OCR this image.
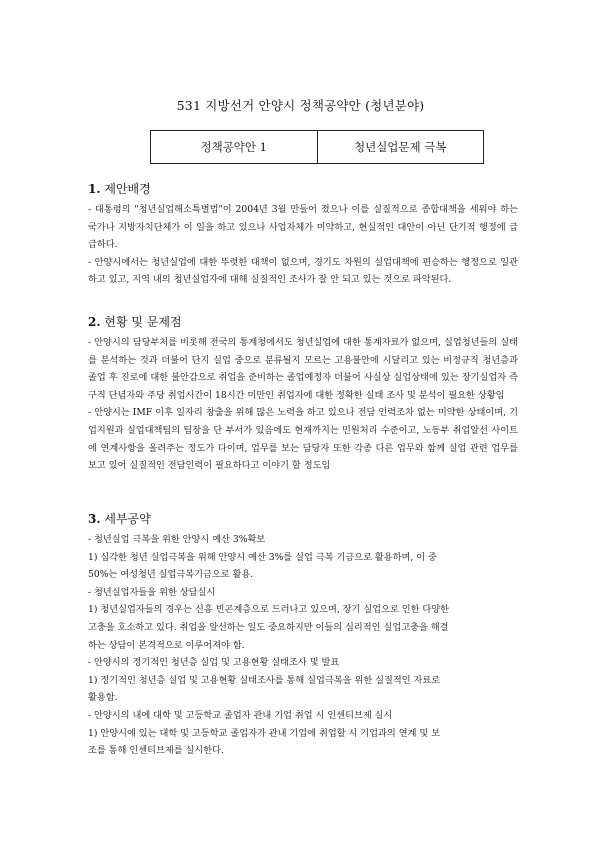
531 지방선거 안양시 정책공약안 (청년분야)
정책공약안 1	청년실업문제 극복
1. 제안배경

- 대통령의 "청년실업해소특별법"이 2004년 3월 만들어 졌으나 이를 실질적으로 종합대책을 세워야 하는 국가나 지방자치단체가 이 일을 하고 있으나 사업자체가 미약하고, 현실적인 대안이 아닌 단기적 행정에 급급하다.

- 안양시에서는 청년실업에 대한 뚜렷한 대책이 없으며, 경기도 차원의 실업대책에 편승하는 행정으로 일관하고 있고, 지역 내의 청년실업자에 대해 실질적인 조사가 잘 안 되고 있는 것으로 파악된다.

2. 현황 및 문제점

- 안양시의 담당부처를 비롯해 전국의 통계청에서도 청년실업에 대한 통계자료가 없으며, 실업청년들의 실태를 분석하는 것과 더불어 단지 실업 중으로 분류될지 모르는 고용불안에 시달리고 있는 비정규직 청년층과 졸업 후 진로에 대한 불안감으로 취업을 준비하는 졸업예정자 더불어 사실상 실업상태에 있는 장기실업자 즉 구직 단념자와 주당 취업시간이 18시간 미만인 취업자에 대한 정확한 실태 조사 및 분석이 필요한 상황임

- 안양시는 IMF 이후 일자리 창출을 위해 많은 노력을 하고 있으나 전담 인력조차 없는 미약한 상태이며, 기업지원과 실업대책팀의 팀장을 단 부서가 있음에도 현재까지는 민원처리 수준이고, 노동부 취업알선 사이트에 연계사항을 올려주는 정도가 다이며, 업무를 보는 담당자 또한 각종 다른 업무와 함께 실업 관련 업무를 보고 있어 실질적인 전담인력이 필요하다고 이야기 할 정도임

3. 세부공약

- 청년실업 극복을 위한 안양시 예산 3%확보

1) 심각한 청년 실업극복을 위해 안양시 예산 3%를 실업 극복 기금으로 활용하며, 이 중

50%는 여성청년 실업극복기금으로 활용.

- 청년실업자들을 위한 상담실시

1) 청년실업자들의 경우는 신흥 빈곤계층으로 드러나고 있으며, 장기 실업으로 인한 다양한

고충을 호소하고 있다. 취업을 알선하는 일도 중요하지만 이들의 심리적인 실업고충을 해결

하는 상담이 본격적으로 이루어져야 함.

- 안양시의 정기적인 청년층 실업 및 고용현황 실태조사 및 발표

1) 정기적인 청년층 실업 및 고용현황 실태조사를 통해 실업극복을 위한 실질적인 자료로

활용함.

- 안양시의 내에 대학 및 고등학교 졸업자 관내 기업 취업 시 인센티브제 실시

1) 안양시에 있는 대학 및 고등학교 졸업자가 관내 기업에 취업할 시 기업과의 연계 및 보

조를 통해 인센티브제를 실시한다.
